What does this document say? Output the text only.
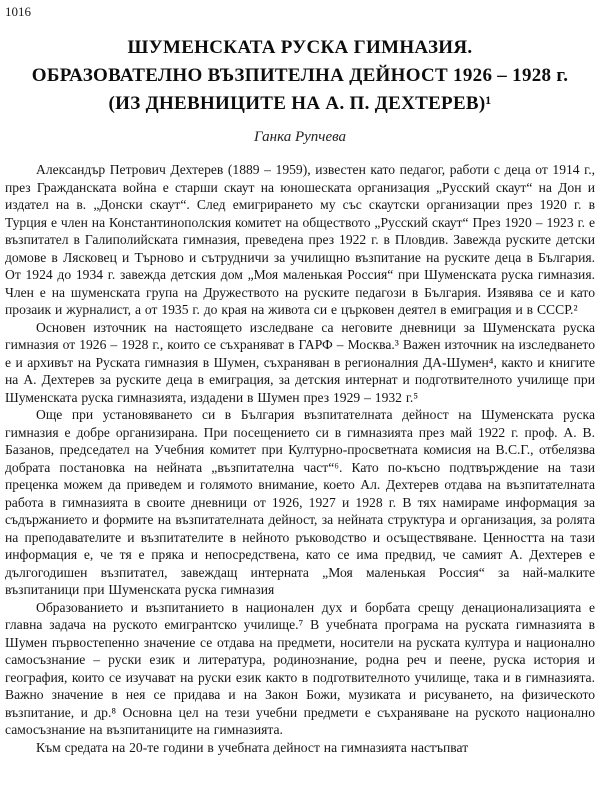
1016
ШУМЕНСКАТА РУСКА ГИМНАЗИЯ.
ОБРАЗОВАТЕЛНО ВЪЗПИТЕЛНА ДЕЙНОСТ 1926 – 1928 г.
(ИЗ ДНЕВНИЦИТЕ НА А. П. ДЕХТЕРЕВ)¹
Ганка Рупчева

Александър Петрович Дехтерев (1889 – 1959), известен като педагог, работи с деца от 1914 г., през Гражданската война е старши скаут на юношеската организация „Русский скаут“ на Дон и издател на в. „Донски скаут“. След емигрирането му със скаутски организации през 1920 г. в Турция е член на Константинополския комитет на обществото „Русский скаут“ През 1920 – 1923 г. е възпитател в Галиполийската гимназия, преведена през 1922 г. в Пловдив. Завежда руските детски домове в Лясковец и Търново и сътрудничи за училищно възпитание на руските деца в България. От 1924 до 1934 г. завежда детския дом „Моя маленькая Россия“ при Шуменската руска гимназия. Член е на шуменската група на Дружеството на руските педагози в България. Изявява се и като прозаик и журналист, а от 1935 г. до края на живота си е църковен деятел в емиграция и в СССР.²

Основен източник на настоящето изследване са неговите дневници за Шуменската руска гимназия от 1926 – 1928 г., които се съхраняват в ГАРФ – Москва.³ Важен източник на изследването е и архивът на Руската гимназия в Шумен, съхраняван в регионалния ДА-Шумен⁴, както и книгите на А. Дехтерев за руските деца в емиграция, за детския интернат и подготвителното училище при Шуменската руска гимназията, издадени в Шумен през 1929 – 1932 г.⁵

Още при установяването си в България възпитателната дейност на Шуменската руска гимназия е добре организирана. При посещението си в гимназията през май 1922 г. проф. А. В. Базанов, председател на Учебния комитет при Културно-просветната комисия на В.С.Г., отбелязва добрата постановка на нейната „възпитателна част“⁶. Като по-късно подтвърждение на тази преценка можем да приведем и голямото внимание, което Ал. Дехтерев отдава на възпитателната работа в гимназията в своите дневници от 1926, 1927 и 1928 г. В тях намираме информация за съдържанието и формите на възпитателната дейност, за нейната структура и организация, за ролята на преподавателите и възпитателите в нейното ръководство и осъществяване. Ценността на тази информация е, че тя е пряка и непосредствена, като се има предвид, че самият А. Дехтерев е дългогодишен възпитател, завеждащ интерната „Моя маленькая Россия“ за най-малките възпитаници при Шуменската руска гимназия

Образованието и възпитанието в национален дух и борбата срещу денационализацията е главна задача на руското емигрантско училище.⁷ В учебната програма на руската гимназията в Шумен първостепенно значение се отдава на предмети, носители на руската култура и национално самосъзнание – руски език и литература, родинознание, родна реч и пеене, руска история и география, които се изучават на руски език както в подготвителното училище, така и в гимназията. Важно значение в нея се придава и на Закон Божи, музиката и рисуването, на физическото възпитание, и др.⁸ Основна цел на тези учебни предмети е съхраняване на руското национално самосъзнание на възпитаниците на гимназията.

Към средата на 20-те години в учебната дейност на гимназията настъпват
